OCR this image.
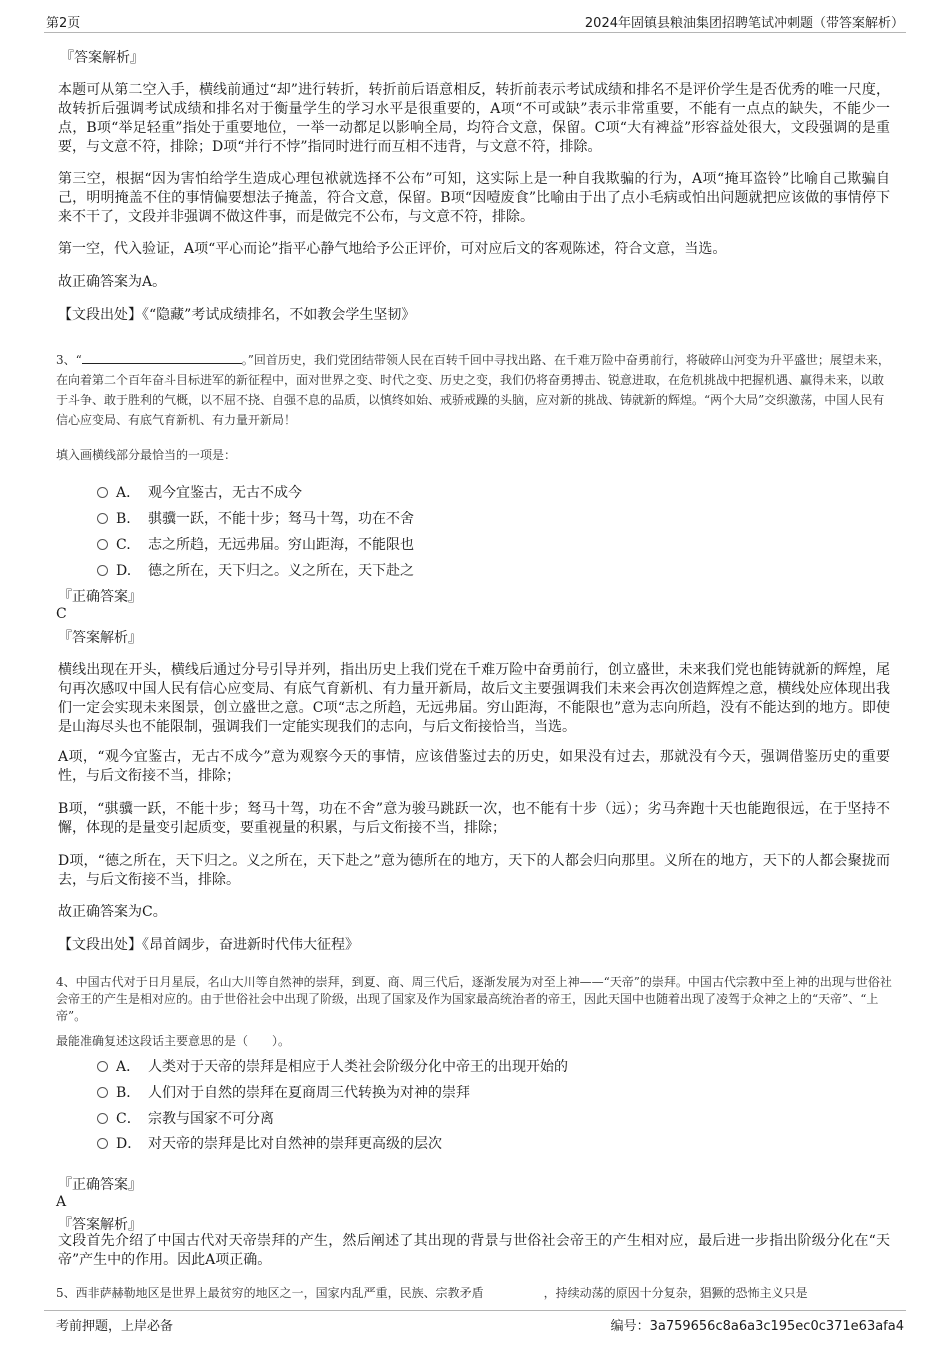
第2页	2024年固镇县粮油集团招聘笔试冲刺题（带答案解析）
『答案解析』

本题可从第二空入手，横线前通过“却”进行转折，转折前后语意相反，转折前表示考试成绩和排名不是评价学生是否优秀的唯一尺度，故转折后强调考试成绩和排名对于衡量学生的学习水平是很重要的，A项“不可或缺”表示非常重要，不能有一点点的缺失，不能少一点，B项“举足轻重”指处于重要地位，一举一动都足以影响全局，均符合文意，保留。C项“大有裨益”形容益处很大，文段强调的是重要，与文意不符，排除；D项“并行不悖”指同时进行而互相不违背，与文意不符，排除。

第三空，根据“因为害怕给学生造成心理包袱就选择不公布”可知，这实际上是一种自我欺骗的行为，A项“掩耳盗铃”比喻自己欺骗自己，明明掩盖不住的事情偏要想法子掩盖，符合文意，保留。B项“因噎废食”比喻由于出了点小毛病或怕出问题就把应该做的事情停下来不干了，文段并非强调不做这件事，而是做完不公布，与文意不符，排除。

第一空，代入验证，A项“平心而论”指平心静气地给予公正评价，可对应后文的客观陈述，符合文意，当选。

故正确答案为A。

【文段出处】《“隐藏”考试成绩排名，不如教会学生坚韧》

3、“	。”回首历史，我们党团结带领人民在百转千回中寻找出路、在千难万险中奋勇前行，将破碎山河变为升平盛世；展望未来，在向着第二个百年奋斗目标进军的新征程中，面对世界之变、时代之变、历史之变，我们仍将奋勇搏击、锐意进取，在危机挑战中把握机遇、赢得未来，以敢于斗争、敢于胜利的气概，以不屈不挠、自强不息的品质，以慎终如始、戒骄戒躁的头脑，应对新的挑战、铸就新的辉煌。“两个大局”交织激荡，中国人民有信心应变局、有底气育新机、有力量开新局！

填入画横线部分最恰当的一项是：

A． 观今宜鉴古，无古不成今
B. 骐骥一跃，不能十步；驽马十驾，功在不舍
C. 志之所趋，无远弗届。穷山距海，不能限也
D. 德之所在，天下归之。义之所在，天下赴之
『正确答案』
C
『答案解析』

横线出现在开头，横线后通过分号引导并列，指出历史上我们党在千难万险中奋勇前行，创立盛世，未来我们党也能铸就新的辉煌，尾句再次感叹中国人民有信心应变局、有底气育新机、有力量开新局，故后文主要强调我们未来会再次创造辉煌之意，横线处应体现出我们一定会实现未来图景，创立盛世之意。C项“志之所趋，无远弗届。穷山距海，不能限也”意为志向所趋，没有不能达到的地方。即使是山海尽头也不能限制，强调我们一定能实现我们的志向，与后文衔接恰当，当选。

A项，“观今宜鉴古，无古不成今”意为观察今天的事情，应该借鉴过去的历史，如果没有过去，那就没有今天，强调借鉴历史的重要性，与后文衔接不当，排除；

B项，“骐骥一跃，不能十步；驽马十驾，功在不舍”意为骏马跳跃一次，也不能有十步（远）；劣马奔跑十天也能跑很远，在于坚持不懈，体现的是量变引起质变，要重视量的积累，与后文衔接不当，排除；

D项，“德之所在，天下归之。义之所在，天下赴之”意为德所在的地方，天下的人都会归向那里。义所在的地方，天下的人都会聚拢而去，与后文衔接不当，排除。

故正确答案为C。

【文段出处】《昂首阔步，奋进新时代伟大征程》

4、中国古代对于日月星辰，名山大川等自然神的崇拜，到夏、商、周三代后，逐渐发展为对至上神——“天帝”的崇拜。中国古代宗教中至上神的出现与世俗社会帝王的产生是相对应的。由于世俗社会中出现了阶级，出现了国家及作为国家最高统治者的帝王，因此天国中也随着出现了凌驾于众神之上的“天帝”、“上帝”。

最能准确复述这段话主要意思的是（　　）。

A． 人类对于天帝的崇拜是相应于人类社会阶级分化中帝王的出现开始的
B． 人们对于自然的崇拜在夏商周三代转换为对神的崇拜
C． 宗教与国家不可分离
D． 对天帝的崇拜是比对自然神的崇拜更高级的层次
『正确答案』
A
『答案解析』

文段首先介绍了中国古代对天帝崇拜的产生，然后阐述了其出现的背景与世俗社会帝王的产生相对应，最后进一步指出阶级分化在“天帝”产生中的作用。因此A项正确。

5、西非萨赫勒地区是世界上最贫穷的地区之一，国家内乱严重，民族、宗教矛盾	，持续动荡的原因十分复杂，猖獗的恐怖主义只是
考前押题，上岸必备	编号：3a759656c8a6a3c195ec0c371e63afa4
